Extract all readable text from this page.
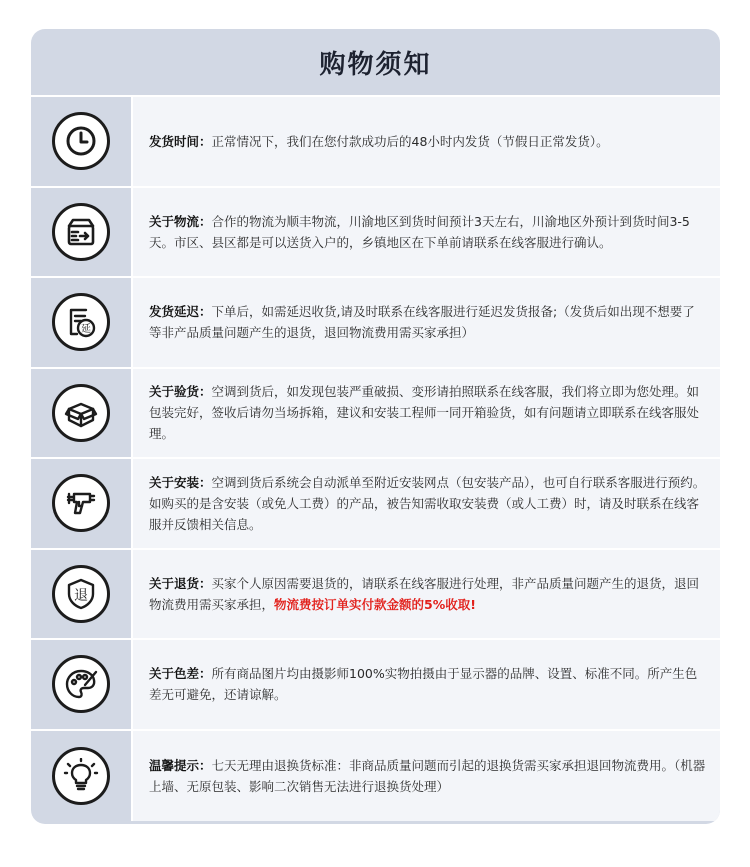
购物须知
发货时间：正常情况下，我们在您付款成功后的48小时内发货（节假日正常发货）。
关于物流：合作的物流为顺丰物流，川渝地区到货时间预计3天左右，川渝地区外预计到货时间3-5天。市区、县区都是可以送货入户的，乡镇地区在下单前请联系在线客服进行确认。
延
发货延迟：下单后，如需延迟收货,请及时联系在线客服进行延迟发货报备;（发货后如出现不想要了等非产品质量问题产生的退货，退回物流费用需买家承担）
关于验货：空调到货后，如发现包装严重破损、变形请拍照联系在线客服，我们将立即为您处理。如包装完好，签收后请勿当场拆箱，建议和安装工程师一同开箱验货，如有问题请立即联系在线客服处理。
关于安装：空调到货后系统会自动派单至附近安装网点（包安装产品），也可自行联系客服进行预约。如购买的是含安装（或免人工费）的产品，被告知需收取安装费（或人工费）时，请及时联系在线客服并反馈相关信息。
退
关于退货：买家个人原因需要退货的，请联系在线客服进行处理，非产品质量问题产生的退货，退回物流费用需买家承担，物流费按订单实付款金额的5%收取!
关于色差：所有商品图片均由摄影师100%实物拍摄由于显示器的品牌、设置、标准不同。所产生色差无可避免，还请谅解。
温馨提示：七天无理由退换货标准：非商品质量问题而引起的退换货需买家承担退回物流费用。（机器上墙、无原包装、影响二次销售无法进行退换货处理）
